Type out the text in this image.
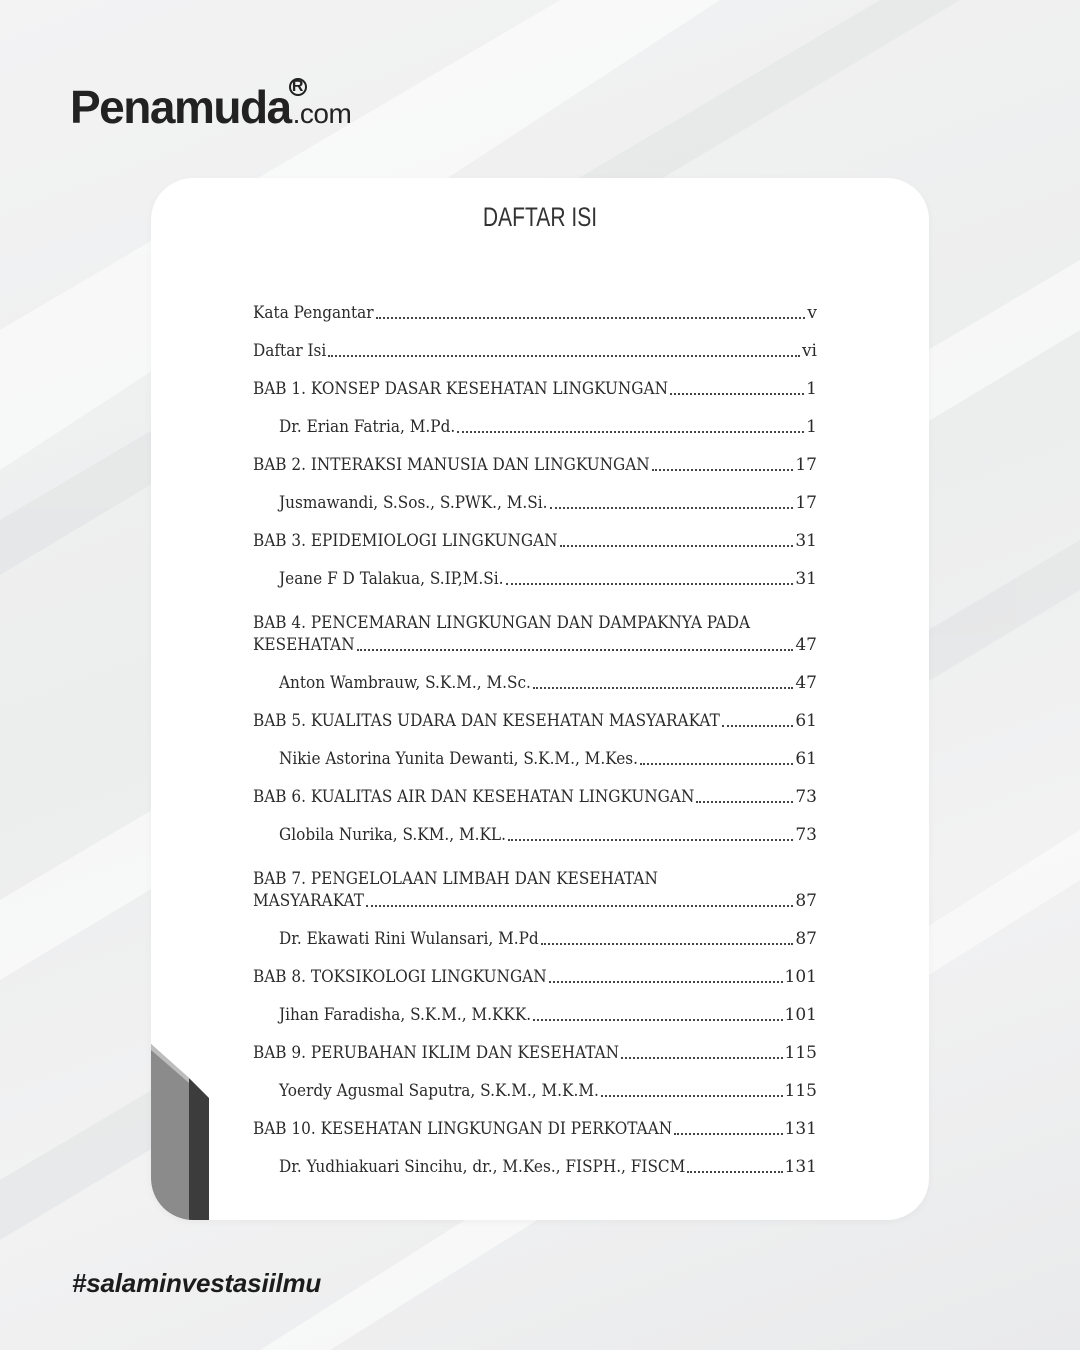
Penamuda R
.com
DAFTAR ISI
Kata Pengantar	v
Daftar Isi	vi
BAB 1. KONSEP DASAR KESEHATAN LINGKUNGAN	1
Dr. Erian Fatria, M.Pd.	1
BAB 2. INTERAKSI MANUSIA DAN LINGKUNGAN	17
Jusmawandi, S.Sos., S.PWK., M.Si.	17
BAB 3. EPIDEMIOLOGI LINGKUNGAN	31
Jeane F D Talakua, S.IP,M.Si.	31
BAB 4. PENCEMARAN LINGKUNGAN DAN DAMPAKNYA PADA
KESEHATAN	47
Anton Wambrauw, S.K.M., M.Sc.	47
BAB 5. KUALITAS UDARA DAN KESEHATAN MASYARAKAT	61
Nikie Astorina Yunita Dewanti, S.K.M., M.Kes.	61
BAB 6. KUALITAS AIR DAN KESEHATAN LINGKUNGAN	73
Globila Nurika, S.KM., M.KL.	73
BAB 7. PENGELOLAAN LIMBAH DAN KESEHATAN
MASYARAKAT	87
Dr. Ekawati Rini Wulansari, M.Pd	87
BAB 8. TOKSIKOLOGI LINGKUNGAN	101
Jihan Faradisha, S.K.M., M.KKK.	101
BAB 9. PERUBAHAN IKLIM DAN KESEHATAN	115
Yoerdy Agusmal Saputra, S.K.M., M.K.M.	115
BAB 10. KESEHATAN LINGKUNGAN DI PERKOTAAN	131
Dr. Yudhiakuari Sincihu, dr., M.Kes., FISPH., FISCM	131
#salaminvestasiilmu
